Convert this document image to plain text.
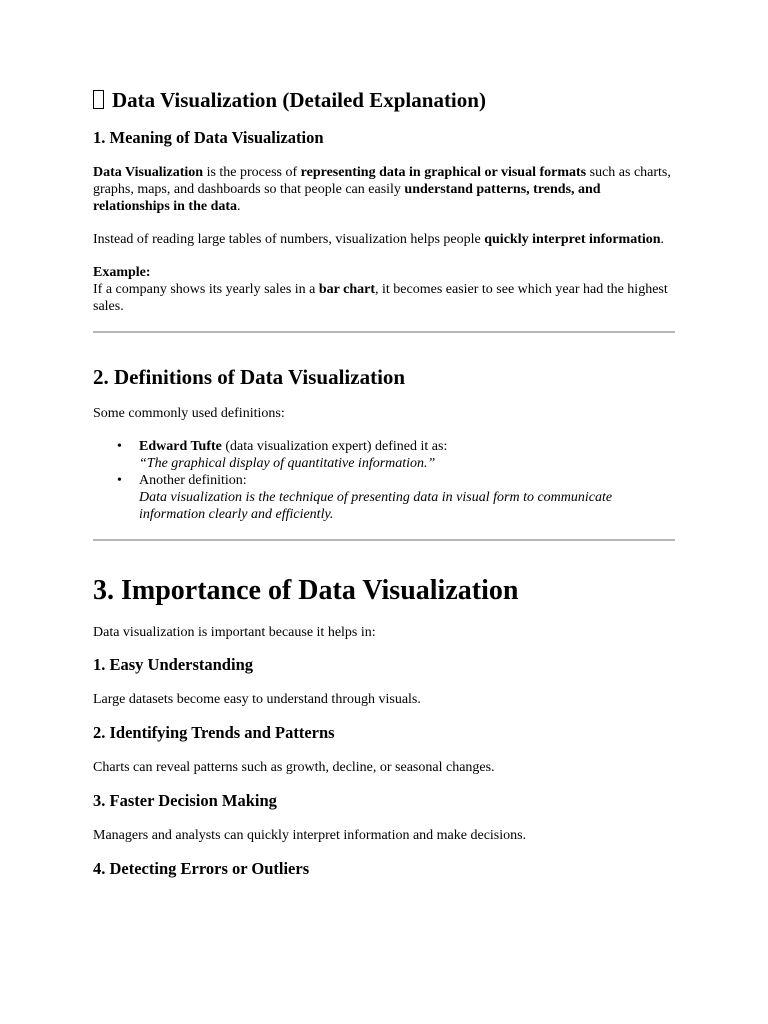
Data Visualization (Detailed Explanation)
1. Meaning of Data Visualization

Data Visualization is the process of representing data in graphical or visual formats such as charts, graphs, maps, and dashboards so that people can easily understand patterns, trends, and relationships in the data.

Instead of reading large tables of numbers, visualization helps people quickly interpret information.

Example:

If a company shows its yearly sales in a bar chart, it becomes easier to see which year had the highest sales.

2. Definitions of Data Visualization

Some commonly used definitions:

• Edward Tufte (data visualization expert) defined it as:
“The graphical display of quantitative information.”
• Another definition:
Data visualization is the technique of presenting data in visual form to communicate information clearly and efficiently.
3. Importance of Data Visualization

Data visualization is important because it helps in:

1. Easy Understanding

Large datasets become easy to understand through visuals.

2. Identifying Trends and Patterns

Charts can reveal patterns such as growth, decline, or seasonal changes.

3. Faster Decision Making

Managers and analysts can quickly interpret information and make decisions.

4. Detecting Errors or Outliers
